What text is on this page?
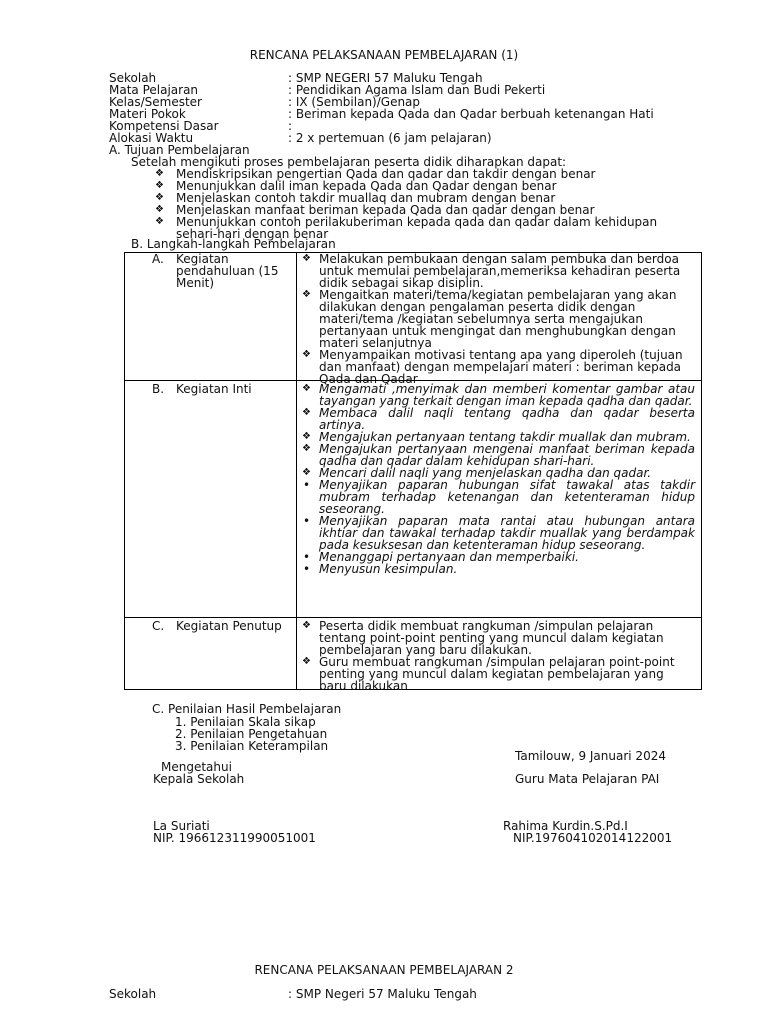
RENCANA PELAKSANAAN PEMBELAJARAN (1)
Sekolah	: SMP NEGERI 57 Maluku Tengah
Mata Pelajaran	: Pendidikan Agama Islam dan Budi Pekerti
Kelas/Semester	: IX (Sembilan)/Genap
Materi Pokok	: Beriman kepada Qada dan Qadar berbuah ketenangan Hati
Kompetensi Dasar	:
Alokasi Waktu	: 2 x pertemuan (6 jam pelajaran)
A. Tujuan Pembelajaran
Setelah mengikuti proses pembelajaran peserta didik diharapkan dapat:
❖ Mendiskripsikan pengertian Qada dan qadar dan takdir dengan benar
❖ Menunjukkan dalil iman kepada Qada dan Qadar dengan benar
❖ Menjelaskan contoh takdir muallaq dan mubram dengan benar
❖ Menjelaskan manfaat beriman kepada Qada dan qadar dengan benar
❖ Menunjukkan contoh perilakuberiman kepada qada dan qadar dalam kehidupan sehari-hari dengan benar
B. Langkah-langkah Pembelajaran
A. Kegiatan pendahuluan (15 Menit)
❖ Melakukan pembukaan dengan salam pembuka dan berdoa untuk memulai pembelajaran,memeriksa kehadiran peserta didik sebagai sikap disiplin.
❖ Mengaitkan materi/tema/kegiatan pembelajaran yang akan dilakukan dengan pengalaman peserta didik dengan materi/tema /kegiatan sebelumnya serta mengajukan pertanyaan untuk mengingat dan menghubungkan dengan materi selanjutnya
❖ Menyampaikan motivasi tentang apa yang diperoleh (tujuan dan manfaat) dengan mempelajari materi : beriman kepada Qada dan Qadar
B. Kegiatan Inti	❖ Mengamati ,menyimak dan memberi komentar gambar atau tayangan yang terkait dengan iman kepada qadha dan qadar.
❖ Membaca dalil naqli tentang qadha dan qadar beserta artinya.
❖ Mengajukan pertanyaan tentang takdir muallak dan mubram.
❖ Mengajukan pertanyaan mengenai manfaat beriman kepada qadha dan qadar dalam kehidupan shari-hari.
❖ Mencari dalil naqli yang menjelaskan qadha dan qadar.
• Menyajikan paparan hubungan sifat tawakal atas takdir mubram terhadap ketenangan dan ketenteraman hidup seseorang.
• Menyajikan paparan mata rantai atau hubungan antara ikhtiar dan tawakal terhadap takdir muallak yang berdampak pada kesuksesan dan ketenteraman hidup seseorang.
• Menanggapi pertanyaan dan memperbaiki.
• Menyusun kesimpulan.
C. Kegiatan Penutup	❖ Peserta didik membuat rangkuman /simpulan pelajaran tentang point-point penting yang muncul dalam kegiatan pembelajaran yang baru dilakukan.
❖ Guru membuat rangkuman /simpulan pelajaran point-point penting yang muncul dalam kegiatan pembelajaran yang baru dilakukan
C. Penilaian Hasil Pembelajaran
1. Penilaian Skala sikap
2. Penilaian Pengetahuan
3. Penilaian Keterampilan
Tamilouw, 9 Januari 2024
Mengetahui
Kepala Sekolah	Guru Mata Pelajaran PAI
La Suriati
NIP. 196612311990051001
Rahima Kurdin.S.Pd.I
NIP.197604102014122001
RENCANA PELAKSANAAN PEMBELAJARAN 2
Sekolah	: SMP Negeri 57 Maluku Tengah
